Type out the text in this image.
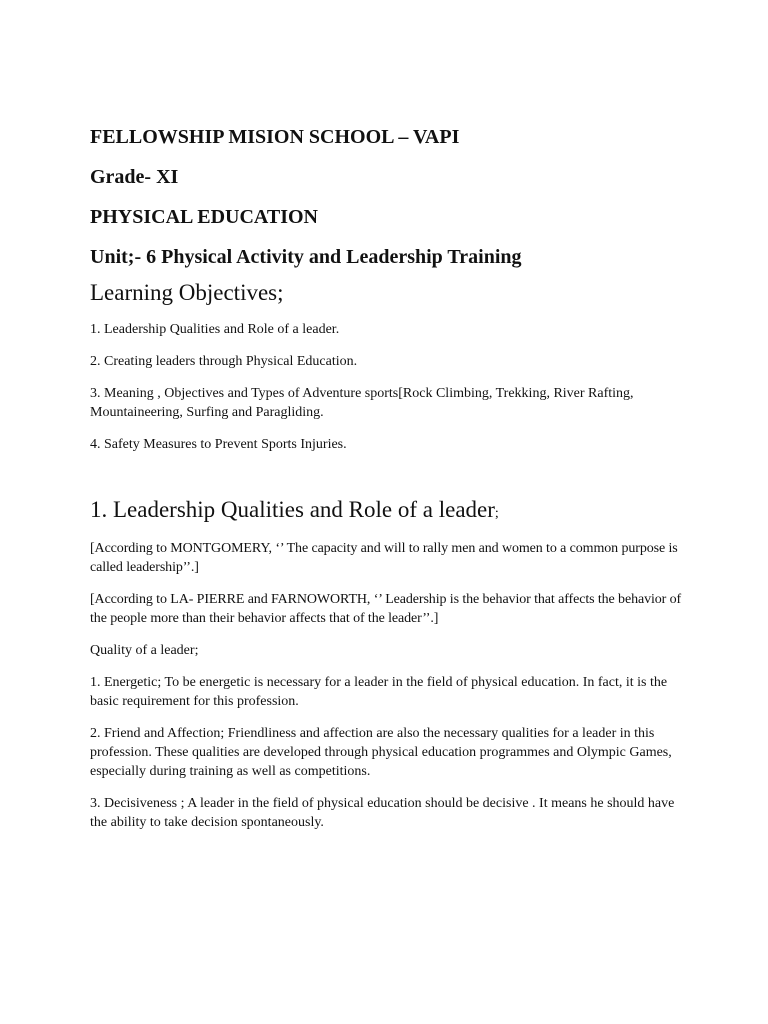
FELLOWSHIP MISION SCHOOL – VAPI

Grade- XI

PHYSICAL EDUCATION

Unit;- 6 Physical Activity and Leadership Training

Learning Objectives;

1. Leadership Qualities and Role of a leader.

2. Creating leaders through Physical Education.

3. Meaning , Objectives and Types of Adventure sports[Rock Climbing, Trekking, River Rafting, Mountaineering, Surfing and Paragliding.

4. Safety Measures to Prevent Sports Injuries.

1. Leadership Qualities and Role of a leader;

[According to MONTGOMERY, ‘’ The capacity and will to rally men and women to a common purpose is called leadership’’.]

[According to LA- PIERRE and FARNOWORTH, ‘’ Leadership is the behavior that affects the behavior of the people more than their behavior affects that of the leader’’.]

Quality of a leader;

1. Energetic; To be energetic is necessary for a leader in the field of physical education. In fact, it is the basic requirement for this profession.

2. Friend and Affection; Friendliness and affection are also the necessary qualities for a leader in this profession. These qualities are developed through physical education programmes and Olympic Games, especially during training as well as competitions.

3. Decisiveness ; A leader in the field of physical education should be decisive . It means he should have the ability to take decision spontaneously.
